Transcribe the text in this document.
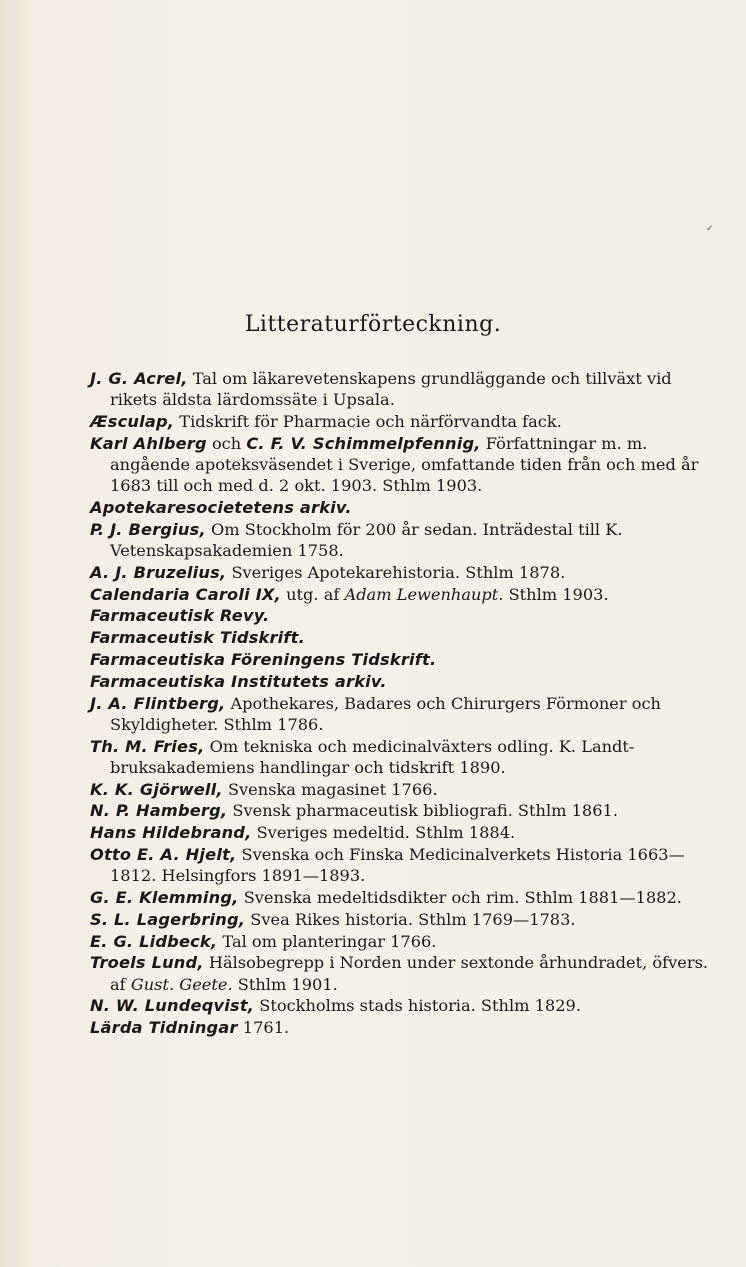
✓
Litteraturförteckning.
J. G. Acrel, Tal om läkarevetenskapens grundläggande och tillväxt vid rikets äldsta lärdomssäte i Upsala.
Æsculap, Tidskrift för Pharmacie och närförvandta fack.
Karl Ahlberg och C. F. V. Schimmelpfennig, Författningar m. m. angående apoteksväsendet i Sverige, omfattande tiden från och med år 1683 till och med d. 2 okt. 1903. Sthlm 1903.
Apotekaresocietetens arkiv.
P. J. Bergius, Om Stockholm för 200 år sedan. Inträdestal till K. Vetenskapsakademien 1758.
A. J. Bruzelius, Sveriges Apotekarehistoria. Sthlm 1878.
Calendaria Caroli IX, utg. af Adam Lewenhaupt. Sthlm 1903.
Farmaceutisk Revy.
Farmaceutisk Tidskrift.
Farmaceutiska Föreningens Tidskrift.
Farmaceutiska Institutets arkiv.
J. A. Flintberg, Apothekares, Badares och Chirurgers Förmoner och Skyldigheter. Sthlm 1786.
Th. M. Fries, Om tekniska och medicinalväxters odling. K. Landtbruksakademiens handlingar och tidskrift 1890.
K. K. Gjörwell, Svenska magasinet 1766.
N. P. Hamberg, Svensk pharmaceutisk bibliografi. Sthlm 1861.
Hans Hildebrand, Sveriges medeltid. Sthlm 1884.
Otto E. A. Hjelt, Svenska och Finska Medicinalverkets Historia 1663—1812. Helsingfors 1891—1893.
G. E. Klemming, Svenska medeltidsdikter och rim. Sthlm 1881—1882.
S. L. Lagerbring, Svea Rikes historia. Sthlm 1769—1783.
E. G. Lidbeck, Tal om planteringar 1766.
Troels Lund, Hälsobegrepp i Norden under sextonde århundradet, öfvers. af Gust. Geete. Sthlm 1901.
N. W. Lundeqvist, Stockholms stads historia. Sthlm 1829.
Lärda Tidningar 1761.
